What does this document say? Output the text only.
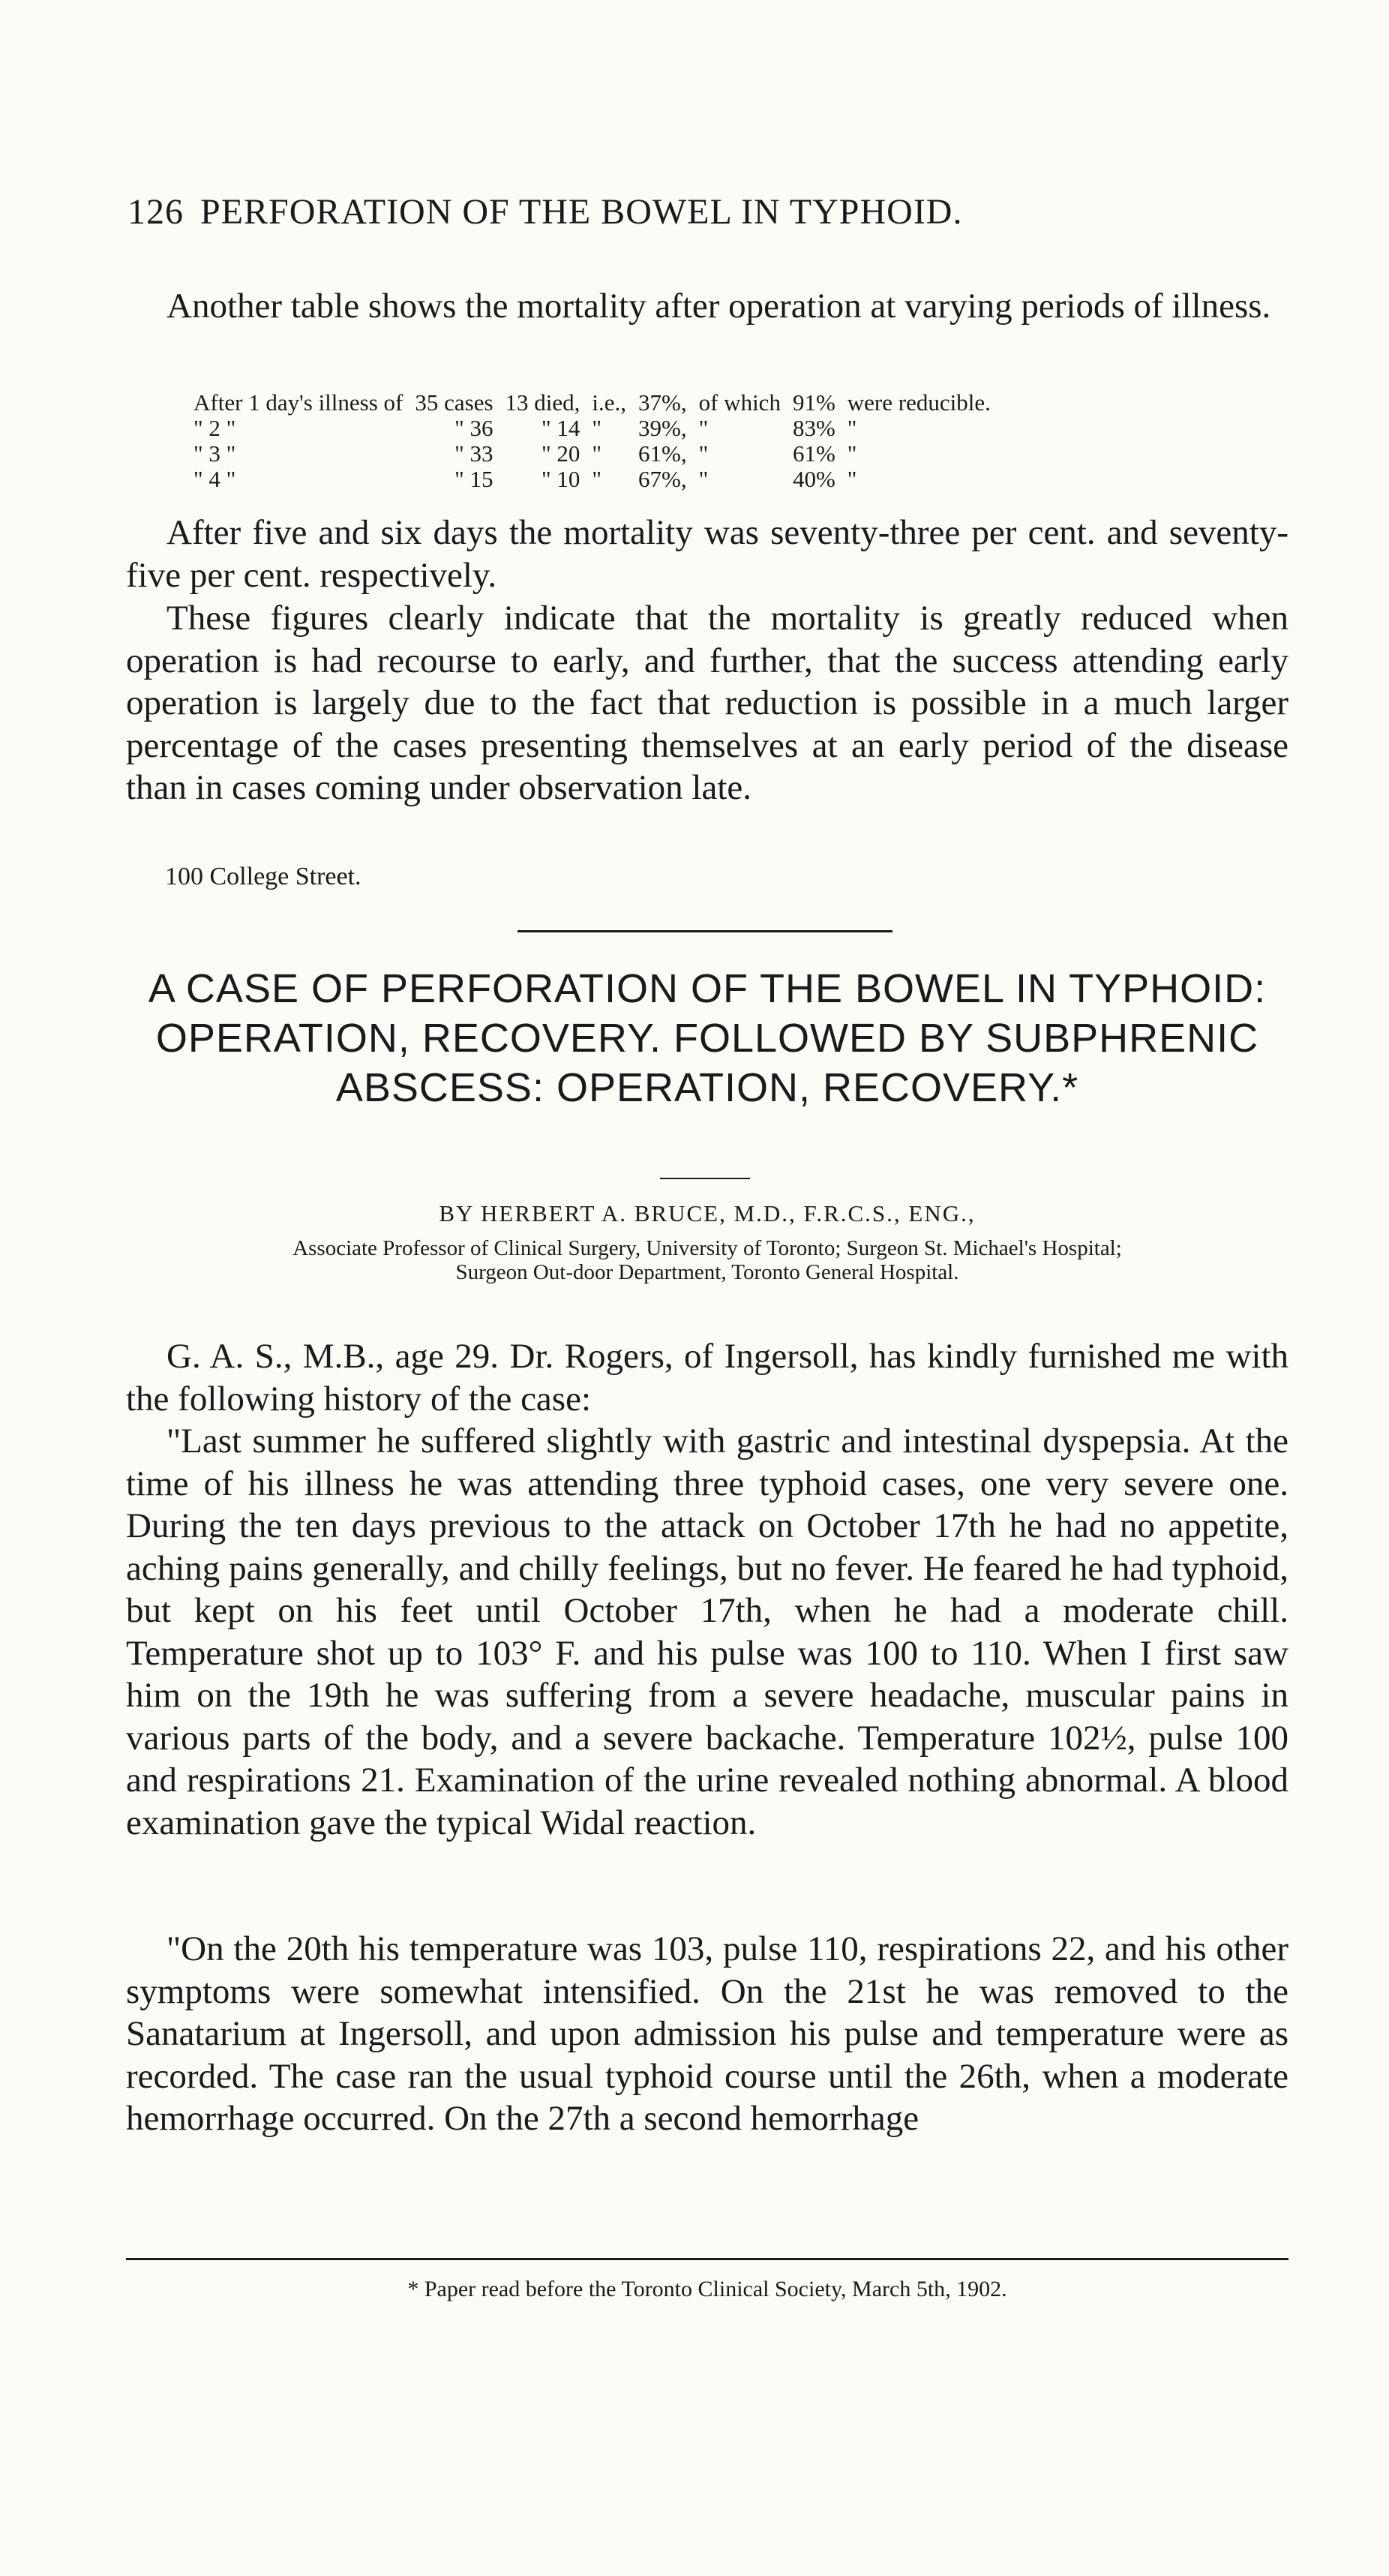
126 PERFORATION OF THE BOWEL IN TYPHOID.

Another table shows the mortality after operation at varying periods of illness.

After 1 day's illness of	35 cases	13 died,	i.e.,	37%,	of which	91%	were reducible.
" 2 "	" 36	" 14	"	39%,	"	83%	"
" 3 "	" 33	" 20	"	61%,	"	61%	"
" 4 "	" 15	" 10	"	67%,	"	40%	"

After five and six days the mortality was seventy-three per cent. and seventy-five per cent. respectively.

These figures clearly indicate that the mortality is greatly reduced when operation is had recourse to early, and further, that the success attending early operation is largely due to the fact that reduction is possible in a much larger percentage of the cases presenting themselves at an early period of the disease than in cases coming under observation late.

100 College Street.

A CASE OF PERFORATION OF THE BOWEL IN TYPHOID: OPERATION, RECOVERY. FOLLOWED BY SUBPHRENIC ABSCESS: OPERATION, RECOVERY.*

BY HERBERT A. BRUCE, M.D., F.R.C.S., ENG.,
Associate Professor of Clinical Surgery, University of Toronto; Surgeon St. Michael's Hospital;
Surgeon Out-door Department, Toronto General Hospital.

G. A. S., M.B., age 29. Dr. Rogers, of Ingersoll, has kindly furnished me with the following history of the case:

"Last summer he suffered slightly with gastric and intestinal dyspepsia. At the time of his illness he was attending three typhoid cases, one very severe one. During the ten days previous to the attack on October 17th he had no appetite, aching pains generally, and chilly feelings, but no fever. He feared he had typhoid, but kept on his feet until October 17th, when he had a moderate chill. Temperature shot up to 103° F. and his pulse was 100 to 110. When I first saw him on the 19th he was suffering from a severe headache, muscular pains in various parts of the body, and a severe backache. Temperature 102½, pulse 100 and respirations 21. Examination of the urine revealed nothing abnormal. A blood examination gave the typical Widal reaction.

"On the 20th his temperature was 103, pulse 110, respirations 22, and his other symptoms were somewhat intensified. On the 21st he was removed to the Sanatarium at Ingersoll, and upon admission his pulse and temperature were as recorded. The case ran the usual typhoid course until the 26th, when a moderate hemorrhage occurred. On the 27th a second hemorrhage

* Paper read before the Toronto Clinical Society, March 5th, 1902.
